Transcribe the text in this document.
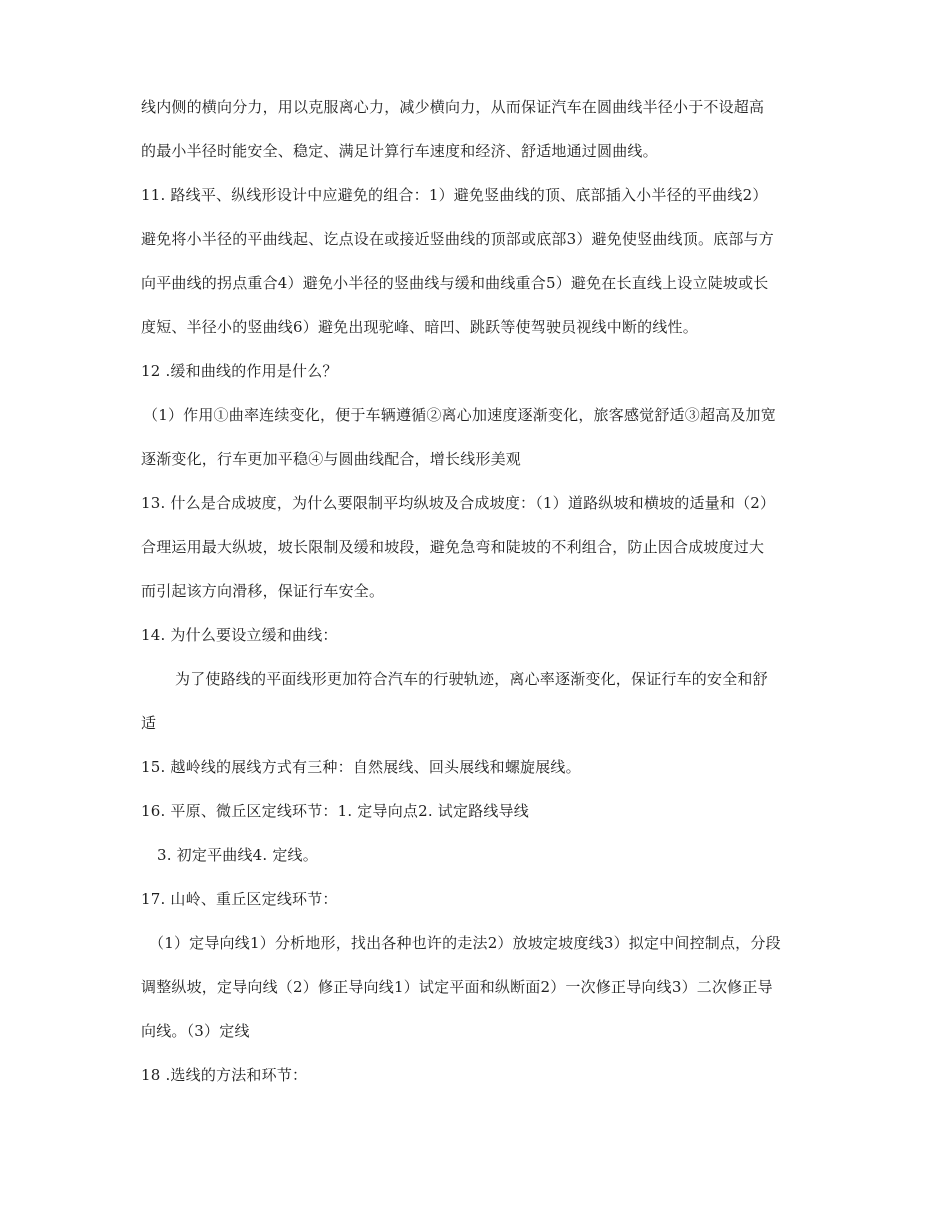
线内侧的横向分力，用以克服离心力，减少横向力，从而保证汽车在圆曲线半径小于不设超高
的最小半径时能安全、稳定、满足计算行车速度和经济、舒适地通过圆曲线。
11. 路线平、纵线形设计中应避免的组合：1）避免竖曲线的顶、底部插入小半径的平曲线2）
避免将小半径的平曲线起、讫点设在或接近竖曲线的顶部或底部3）避免使竖曲线顶。底部与方
向平曲线的拐点重合4）避免小半径的竖曲线与缓和曲线重合5）避免在长直线上设立陡坡或长
度短、半径小的竖曲线6）避免出现驼峰、暗凹、跳跃等使驾驶员视线中断的线性。
12 .缓和曲线的作用是什么？
（1）作用①曲率连续变化，便于车辆遵循②离心加速度逐渐变化，旅客感觉舒适③超高及加宽
逐渐变化，行车更加平稳④与圆曲线配合，增长线形美观
13. 什么是合成坡度，为什么要限制平均纵坡及合成坡度：（1）道路纵坡和横坡的适量和（2）
合理运用最大纵坡，坡长限制及缓和坡段，避免急弯和陡坡的不利组合，防止因合成坡度过大
而引起该方向滑移，保证行车安全。
14. 为什么要设立缓和曲线：
为了使路线的平面线形更加符合汽车的行驶轨迹，离心率逐渐变化，保证行车的安全和舒
适
15. 越岭线的展线方式有三种：自然展线、回头展线和螺旋展线。
16. 平原、微丘区定线环节：1. 定导向点2. 试定路线导线
3. 初定平曲线4. 定线。
17. 山岭、重丘区定线环节：
（1）定导向线1）分析地形，找出各种也许的走法2）放坡定坡度线3）拟定中间控制点，分段
调整纵坡，定导向线（2）修正导向线1）试定平面和纵断面2）一次修正导向线3）二次修正导
向线。（3）定线
18 .选线的方法和环节：
